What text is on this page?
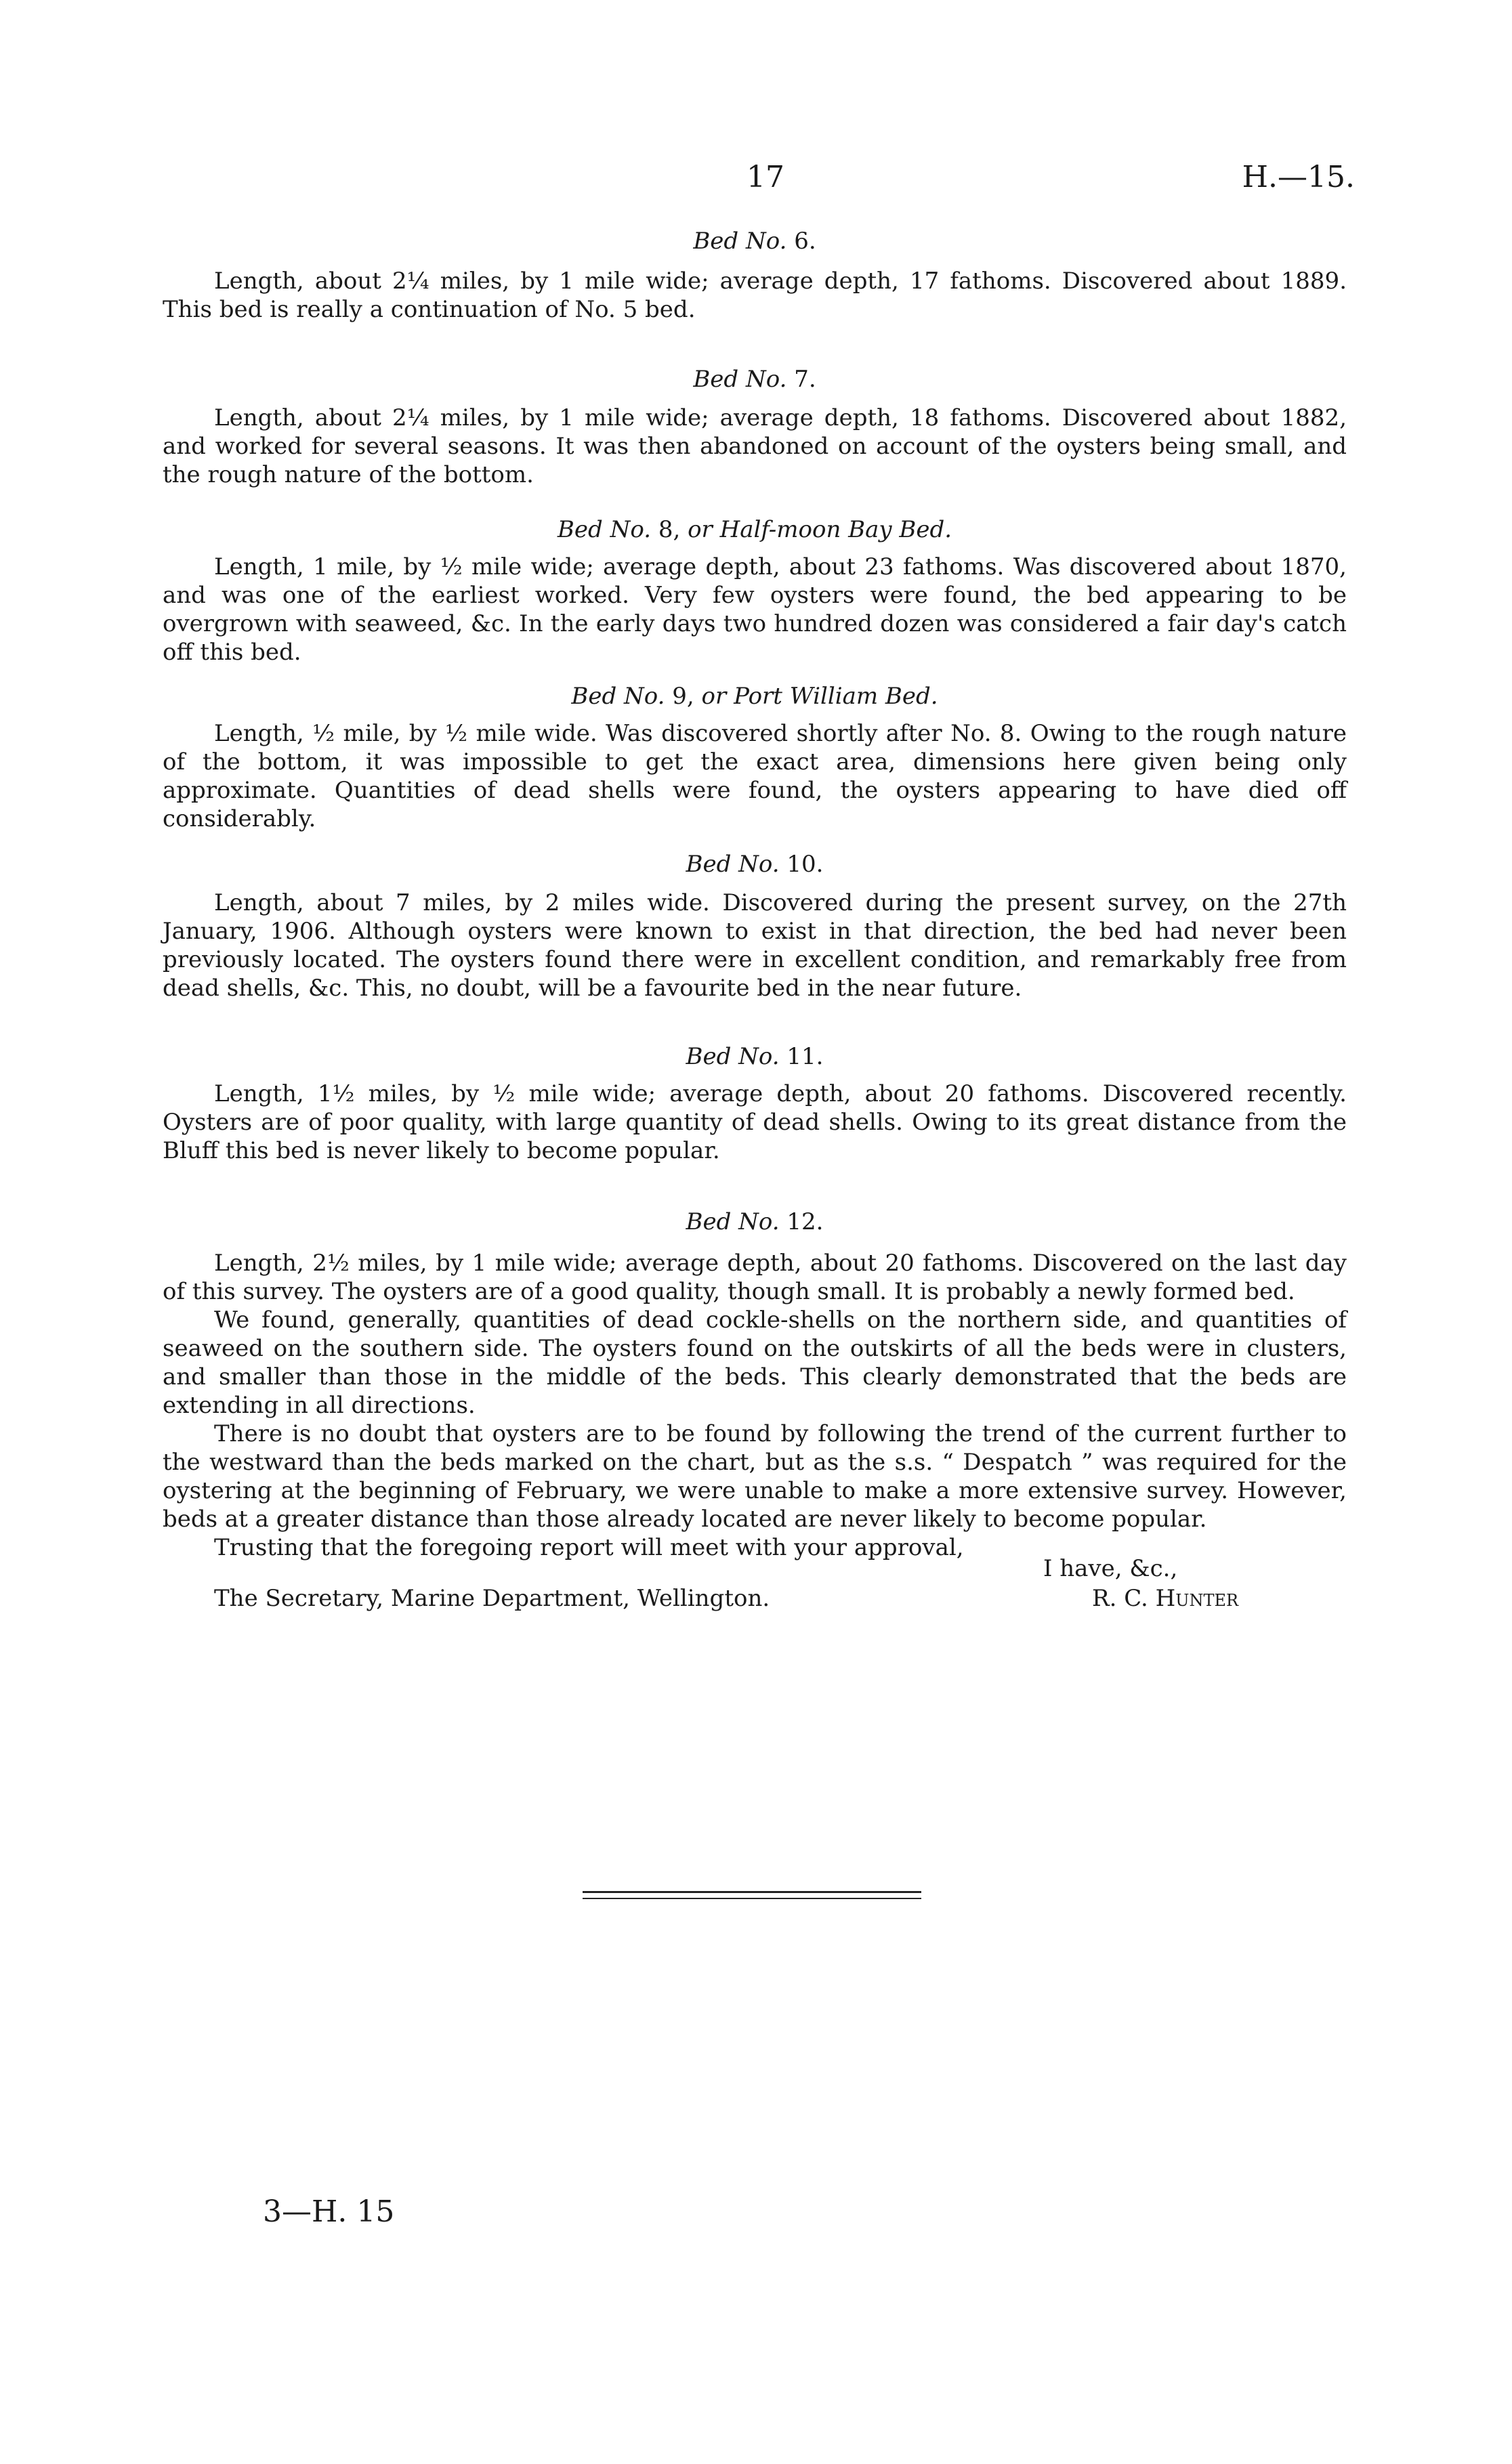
17	H.—15.
Bed No. 6.

Length, about 2¼ miles, by 1 mile wide; average depth, 17 fathoms. Discovered about 1889. This bed is really a continuation of No. 5 bed.

Bed No. 7.

Length, about 2¼ miles, by 1 mile wide; average depth, 18 fathoms. Discovered about 1882, and worked for several seasons. It was then abandoned on account of the oysters being small, and the rough nature of the bottom.

Bed No. 8, or Half-moon Bay Bed.

Length, 1 mile, by ½ mile wide; average depth, about 23 fathoms. Was discovered about 1870, and was one of the earliest worked. Very few oysters were found, the bed appearing to be overgrown with seaweed, &c. In the early days two hundred dozen was considered a fair day's catch off this bed.

Bed No. 9, or Port William Bed.

Length, ½ mile, by ½ mile wide. Was discovered shortly after No. 8. Owing to the rough nature of the bottom, it was impossible to get the exact area, dimensions here given being only approximate. Quantities of dead shells were found, the oysters appearing to have died off considerably.

Bed No. 10.

Length, about 7 miles, by 2 miles wide. Discovered during the present survey, on the 27th January, 1906. Although oysters were known to exist in that direction, the bed had never been previously located. The oysters found there were in excellent condition, and remarkably free from dead shells, &c. This, no doubt, will be a favourite bed in the near future.

Bed No. 11.

Length, 1½ miles, by ½ mile wide; average depth, about 20 fathoms. Discovered recently. Oysters are of poor quality, with large quantity of dead shells. Owing to its great distance from the Bluff this bed is never likely to become popular.

Bed No. 12.

Length, 2½ miles, by 1 mile wide; average depth, about 20 fathoms. Discovered on the last day of this survey. The oysters are of a good quality, though small. It is probably a newly formed bed.

We found, generally, quantities of dead cockle-shells on the northern side, and quantities of seaweed on the southern side. The oysters found on the outskirts of all the beds were in clusters, and smaller than those in the middle of the beds. This clearly demonstrated that the beds are extending in all directions.

There is no doubt that oysters are to be found by following the trend of the current further to the westward than the beds marked on the chart, but as the s.s. “ Despatch ” was required for the oystering at the beginning of February, we were unable to make a more extensive survey. However, beds at a greater distance than those already located are never likely to become popular.

Trusting that the foregoing report will meet with your approval,

I have, &c.,
The Secretary, Marine Department, Wellington.	R. C. Hunter
3—H. 15
